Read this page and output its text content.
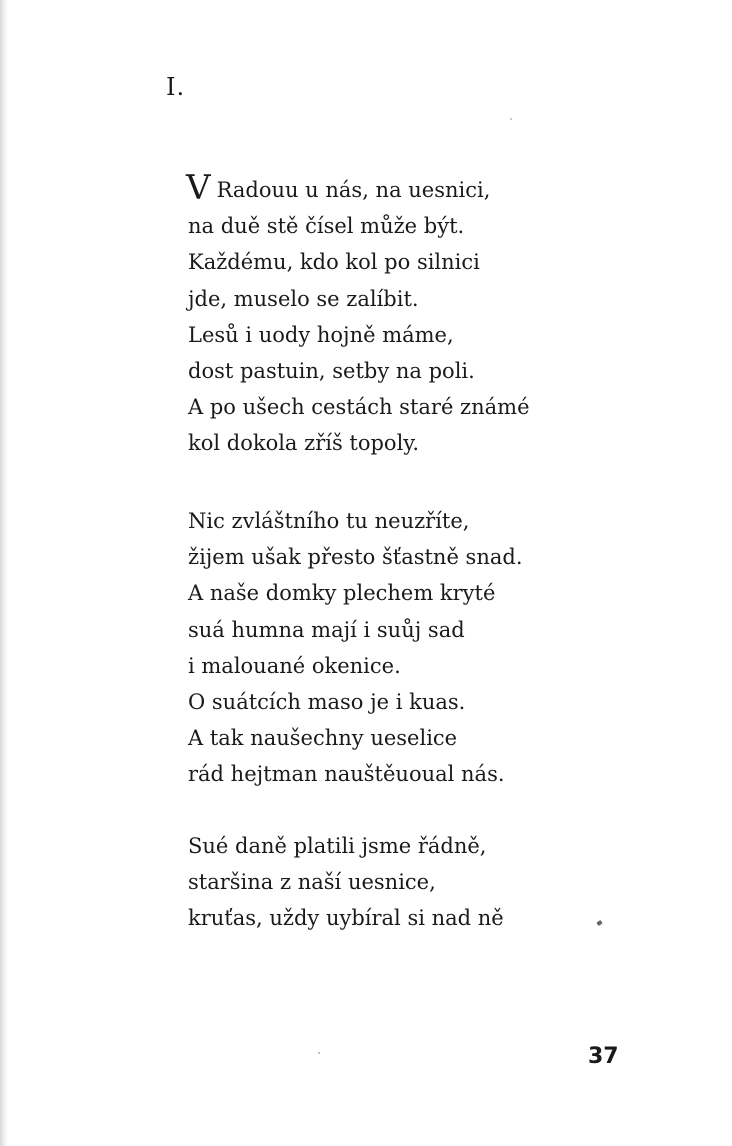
I.
V Radouu u nás, na uesnici,
na duě stě čísel může být.
Každému, kdo kol po silnici
jde, muselo se zalíbit.
Lesů i uody hojně máme,
dost pastuin, setby na poli.
A po ušech cestách staré známé
kol dokola zříš topoly.
Nic zvláštního tu neuzříte,
žijem ušak přesto šťastně snad.
A naše domky plechem kryté
suá humna mají i suůj sad
i malouané okenice.
O suátcích maso je i kuas.
A tak naušechny ueselice
rád hejtman nauštěuoual nás.
Sué daně platili jsme řádně,
staršina z naší uesnice,
kruťas, uždy uybíral si nad ně
37
